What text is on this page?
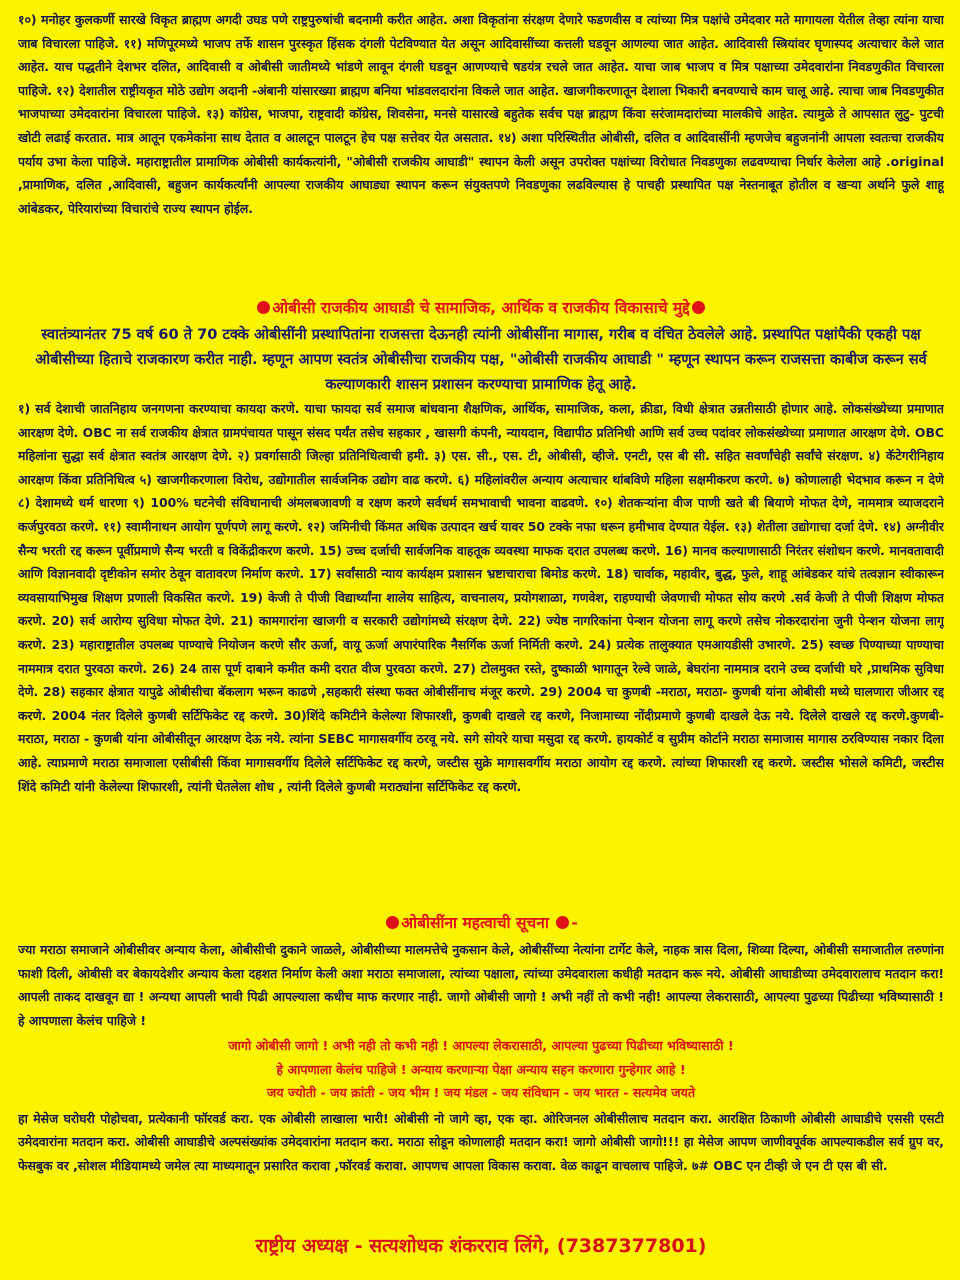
१०) मनोहर कुलकर्णी सारखे विकृत ब्राह्मण अगदी उघड पणे राष्ट्रपुरुषांची बदनामी करीत आहेत. अशा विकृतांना संरक्षण देणारे फडणवीस व त्यांच्या मित्र पक्षांचे उमेदवार मते मागायला येतील तेव्हा त्यांना याचा जाब विचारला पाहिजे. ११) मणिपूरमध्ये भाजप तर्फे शासन पुरस्कृत हिंसक दंगली पेटविण्यात येत असून आदिवासींच्या कत्तली घडवून आणल्या जात आहेत. आदिवासी स्त्रियांवर घृणास्पद अत्याचार केले जात आहेत. याच पद्धतीने देशभर दलित, आदिवासी व ओबीसी जातीमध्ये भांडणे लावून दंगली घडवून आणण्याचे षडयंत्र रचले जात आहेत. याचा जाब भाजप व मित्र पक्षाच्या उमेदवारांना निवडणुकीत विचारला पाहिजे. १२) देशातील राष्ट्रीयकृत मोठे उद्योग अदानी -अंबानी यांसारख्या ब्राह्मण बनिया भांडवलदारांना विकले जात आहेत. खाजगीकरणातून देशाला भिकारी बनवण्याचे काम चालू आहे. त्याचा जाब निवडणुकीत भाजपाच्या उमेदवारांना विचारला पाहिजे. १३) कॉग्रेस, भाजपा, राष्ट्रवादी कॉग्रेस, शिवसेना, मनसे यासारखे बहुतेक सर्वच पक्ष ब्राह्मण किंवा सरंजामदारांच्या मालकीचे आहेत. त्यामुळे ते आपसात लुटु- पुटची खोटी लढाई करतात. मात्र आतून एकमेकांना साथ देतात व आलटून पालटून हेच पक्ष सत्तेवर येत असतात. १४) अशा परिस्थितीत ओबीसी, दलित व आदिवासींनी म्हणजेच बहुजनांनी आपला स्वतःचा राजकीय पर्याय उभा केला पाहिजे. महाराष्ट्रातील प्रामाणिक ओबीसी कार्यकत्यांनी, "ओबीसी राजकीय आघाडी" स्थापन केली असून उपरोक्त पक्षांच्या विरोधात निवडणुका लढवण्याचा निर्धार केलेला आहे .original ,प्रामाणिक, दलित ,आदिवासी, बहुजन कार्यकर्त्यांनी आपल्या राजकीय आघाड्या स्थापन करून संयुक्तपणे निवडणुका लढविल्यास हे पाचही प्रस्थापित पक्ष नेस्तनाबूत होतील व खऱ्या अर्थाने फुले शाहू आंबेडकर, पेरियारांच्या विचारांचे राज्य स्थापन होईल.

ओबीसी राजकीय आघाडी चे सामाजिक, आर्थिक व राजकीय विकासाचे मुद्दे
स्वातंत्र्यानंतर 75 वर्ष 60 ते 70 टक्के ओबीसींनी प्रस्थापितांना राजसत्ता देऊनही त्यांनी ओबीसींना मागास, गरीब व वंचित ठेवलेले आहे. प्रस्थापित पक्षांपैकी एकही पक्ष ओबीसीच्या हिताचे राजकारण करीत नाही. म्हणून आपण स्वतंत्र ओबीसीचा राजकीय पक्ष, "ओबीसी राजकीय आघाडी " म्हणून स्थापन करून राजसत्ता काबीज करून सर्व कल्याणकारी शासन प्रशासन करण्याचा प्रामाणिक हेतू आहे.

१) सर्व देशाची जातनिहाय जनगणना करण्याचा कायदा करणे. याचा फायदा सर्व समाज बांधवाना शैक्षणिक, आर्थिक, सामाजिक, कला, क्रीडा, विधी क्षेत्रात उन्नतीसाठी होणार आहे. लोकसंख्येच्या प्रमाणात आरक्षण देणे. OBC ना सर्व राजकीय क्षेत्रात ग्रामपंचायत पासून संसद पर्यंत तसेच सहकार , खासगी कंपनी, न्यायदान, विद्यापीठ प्रतिनिधी आणि सर्व उच्च पदांवर लोकसंख्येच्या प्रमाणात आरक्षण देणे. OBC महिलांना सुद्धा सर्व क्षेत्रात स्वतंत्र आरक्षण देणे. २) प्रवर्गासाठी जिल्हा प्रतिनिधित्वाची हमी. ३) एस. सी., एस. टी, ओबीसी, व्हीजे. एनटी, एस बी सी. सहित सवर्णांचेही सर्वांचे संरक्षण. ४) कॅटेगरीनिहाय आरक्षण किंवा प्रतिनिधित्व ५) खाजगीकरणाला विरोध, उद्योगातील सार्वजनिक उद्योग वाढ करणे. ६) महिलांवरील अन्याय अत्याचार थांबविणे महिला सक्षमीकरण करणे. ७) कोणालाही भेदभाव करून न देणे ८) देशामध्ये धर्म धारणा ९) 100% घटनेची संविधानाची अंमलबजावणी व रक्षण करणे सर्वधर्म समभावाची भावना वाढवणे. १०) शेतकऱ्यांना वीज पाणी खते बी बियाणे मोफत देणे, नाममात्र व्याजदराने कर्जपुरवठा करणे. ११) स्वामीनाथन आयोग पूर्णपणे लागू करणे. १२) जमिनीची किंमत अधिक उत्पादन खर्च यावर 50 टक्के नफा धरून हमीभाव देण्यात येईल. १३) शेतीला उद्योगाचा दर्जा देणे. १४) अग्नीवीर सैन्य भरती रद्द करून पूर्वीप्रमाणे सैन्य भरती व विकेंद्रीकरण करणे. 15) उच्च दर्जाची सार्वजनिक वाहतूक व्यवस्था माफक दरात उपलब्ध करणे. 16) मानव कल्याणासाठी निरंतर संशोधन करणे. मानवतावादी आणि विज्ञानवादी दृष्टीकोन समोर ठेवून वातावरण निर्माण करणे. 17) सर्वांसाठी न्याय कार्यक्षम प्रशासन भ्रष्टाचाराचा बिमोड करणे. 18) चार्वाक, महावीर, बुद्ध, फुले, शाहू आंबेडकर यांचे तत्वज्ञान स्वीकारून व्यवसायाभिमुख शिक्षण प्रणाली विकसित करणे. 19) केजी ते पीजी विद्यार्थ्यांना शालेय साहित्य, वाचनालय, प्रयोगशाळा, गणवेश, राहण्याची जेवणाची मोफत सोय करणे .सर्व केजी ते पीजी शिक्षण मोफत करणे. 20) सर्व आरोग्य सुविधा मोफत देणे. 21) कामगारांना खाजगी व सरकारी उद्योगांमध्ये संरक्षण देणे. 22) ज्येष्ठ नागरिकांना पेन्शन योजना लागू करणे तसेच नोकरदारांना जुनी पेन्शन योजना लागू करणे. 23) महाराष्ट्रातील उपलब्ध पाण्याचे नियोजन करणे सौर ऊर्जा, वायू ऊर्जा अपारंपारिक नैसर्गिक ऊर्जा निर्मिती करणे. 24) प्रत्येक तालुक्यात एमआयडीसी उभारणे. 25) स्वच्छ पिण्याच्या पाण्याचा नाममात्र दरात पुरवठा करणे. 26) 24 तास पूर्ण दाबाने कमीत कमी दरात वीज पुरवठा करणे. 27) टोलमुक्त रस्ते, दुष्काळी भागातून रेल्वे जाळे, बेघरांना नाममात्र दराने उच्च दर्जाची घरे ,प्राथमिक सुविधा देणे. 28) सहकार क्षेत्रात यापुढे ओबीसीचा बॅकलाग भरून काढणे ,सहकारी संस्था फक्त ओबीसींनाच मंजूर करणे. 29) 2004 चा कुणबी -मराठा, मराठा- कुणबी यांना ओबीसी मध्ये घालणारा जीआर रद्द करणे. 2004 नंतर दिलेले कुणबी सर्टिफिकेट रद्द करणे. 30)शिंदे कमिटीने केलेल्या शिफारशी, कुणबी दाखले रद्द करणे, निजामाच्या नोंदीप्रमाणे कुणबी दाखले देऊ नये. दिलेले दाखले रद्द करणे.कुणबी- मराठा, मराठा - कुणबी यांना ओबीसीतून आरक्षण देऊ नये. त्यांना SEBC मागासवर्गीय ठरवू नये. सगे सोयरे याचा मसुदा रद्द करणे. हायकोर्ट व सुप्रीम कोर्टाने मराठा समाजास मागास ठरविण्यास नकार दिला आहे. त्याप्रमाणे मराठा समाजाला एसीबीसी किंवा मागासवर्गीय दिलेले सर्टिफिकेट रद्द करणे, जस्टीस सुक्रे मागासवर्गीय मराठा आयोग रद्द करणे. त्यांच्या शिफारशी रद्द करणे. जस्टीस भोसले कमिटी, जस्टीस शिंदे कमिटी यांनी केलेल्या शिफारशी, त्यांनी घेतलेला शोध , त्यांनी दिलेले कुणबी मराठ्यांना सर्टिफिकेट रद्द करणे.

ओबीसींना महत्वाची सूचना -

ज्या मराठा समाजाने ओबीसीवर अन्याय केला, ओबीसीची दुकाने जाळले, ओबीसीच्या मालमत्तेचे नुकसान केले, ओबीसींच्या नेत्यांना टार्गेट केले, नाहक त्रास दिला, शिव्या दिल्या, ओबीसी समाजातील तरुणांना फाशी दिली, ओबीसी वर बेकायदेशीर अन्याय केला दहशत निर्माण केली अशा मराठा समाजाला, त्यांच्या पक्षाला, त्यांच्या उमेदवाराला कधीही मतदान करू नये. ओबीसी आघाडीच्या उमेदवारालाच मतदान करा! आपली ताकद दाखवून द्या ! अन्यथा आपली भावी पिढी आपल्याला कधीच माफ करणार नाही. जागो ओबीसी जागो ! अभी नहीं तो कभी नही! आपल्या लेकरासाठी, आपल्या पुढच्या पिढीच्या भविष्यासाठी ! हे आपणाला केलंच पाहिजे !

जागो ओबीसी जागो ! अभी नही तो कभी नही ! आपल्या लेकरासाठी, आपल्या पुढच्या पिढीच्या भविष्यासाठी !
हे आपणाला केलंच पाहिजे ! अन्याय करणाऱ्या पेक्षा अन्याय सहन करणारा गुन्हेगार आहे !
जय ज्योती - जय क्रांती - जय भीम ! जय मंडल - जय संविधान - जय भारत - सत्यमेव जयते

हा मेसेज घरोघरी पोहोचवा, प्रत्येकानी फॉरवर्ड करा. एक ओबीसी लाखाला भारी! ओबीसी नो जागे व्हा, एक व्हा. ओरिजनल ओबीसीलाच मतदान करा. आरक्षित ठिकाणी ओबीसी आघाडीचे एससी एसटी उमेदवारांना मतदान करा. ओबीसी आघाडीचे अल्पसंख्यांक उमेदवारांना मतदान करा. मराठा सोडून कोणालाही मतदान करा! जागो ओबीसी जागो!!! हा मेसेज आपण जाणीवपूर्वक आपल्याकडील सर्व ग्रुप वर, फेसबुक वर ,सोशल मीडियामध्ये जमेल त्या माध्यमातून प्रसारित करावा ,फॉरवर्ड करावा. आपणच आपला विकास करावा. वेळ काढून वाचलाच पाहिजे. ७# OBC एन टीव्ही जे एन टी एस बी सी.

राष्ट्रीय अध्यक्ष - सत्यशोधक शंकरराव लिंगे, (7387377801)
